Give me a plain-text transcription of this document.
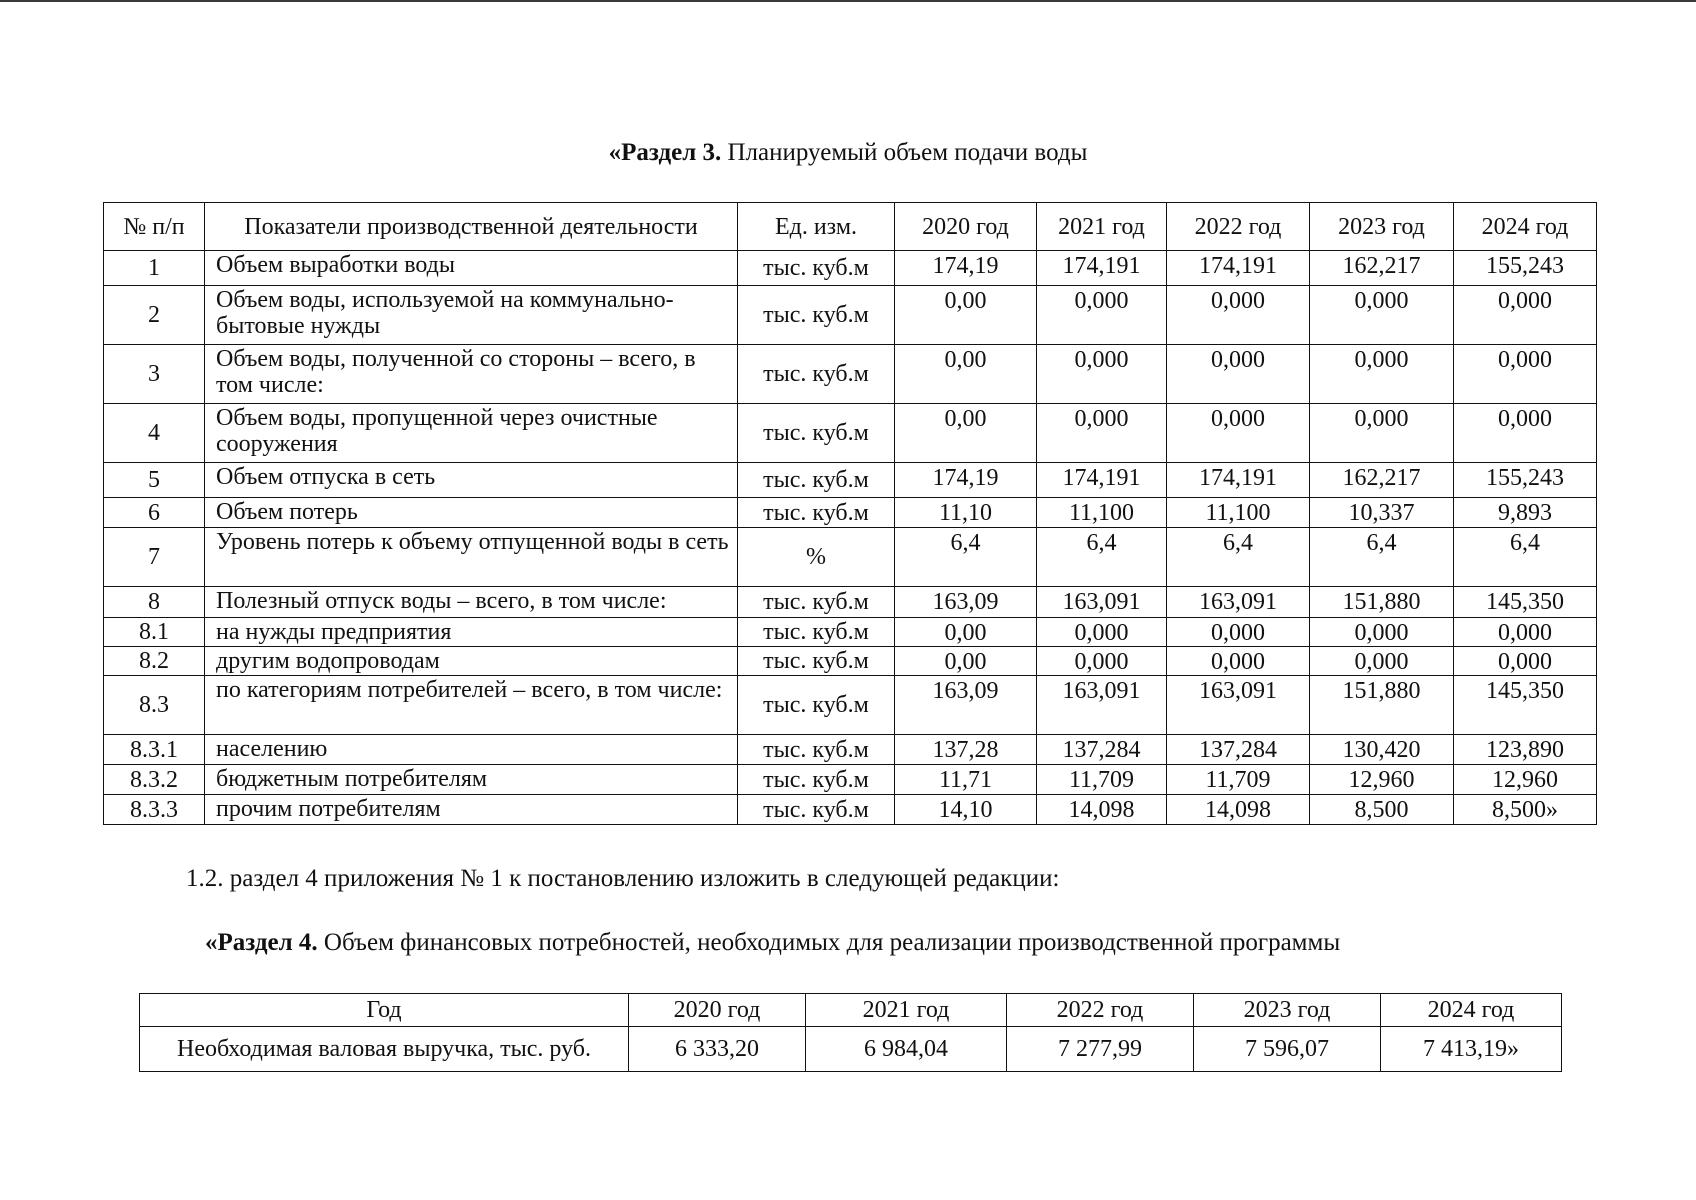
«Раздел 3. Планируемый объем подачи воды
№ п/п	Показатели производственной деятельности	Ед. изм.	2020 год	2021 год	2022 год	2023 год	2024 год
1	Объем выработки воды	тыс. куб.м	174,19	174,191	174,191	162,217	155,243
2	Объем воды, используемой на коммунально-бытовые нужды	тыс. куб.м	0,00	0,000	0,000	0,000	0,000
3	Объем воды, полученной со стороны – всего, в том числе:	тыс. куб.м	0,00	0,000	0,000	0,000	0,000
4	Объем воды, пропущенной через очистные сооружения	тыс. куб.м	0,00	0,000	0,000	0,000	0,000
5	Объем отпуска в сеть	тыс. куб.м	174,19	174,191	174,191	162,217	155,243
6	Объем потерь	тыс. куб.м	11,10	11,100	11,100	10,337	9,893
7	Уровень потерь к объему отпущенной воды в сеть	%	6,4	6,4	6,4	6,4	6,4
8	Полезный отпуск воды – всего, в том числе:	тыс. куб.м	163,09	163,091	163,091	151,880	145,350
8.1	на нужды предприятия	тыс. куб.м	0,00	0,000	0,000	0,000	0,000
8.2	другим водопроводам	тыс. куб.м	0,00	0,000	0,000	0,000	0,000
8.3	по категориям потребителей – всего, в том числе:	тыс. куб.м	163,09	163,091	163,091	151,880	145,350
8.3.1	населению	тыс. куб.м	137,28	137,284	137,284	130,420	123,890
8.3.2	бюджетным потребителям	тыс. куб.м	11,71	11,709	11,709	12,960	12,960
8.3.3	прочим потребителям	тыс. куб.м	14,10	14,098	14,098	8,500	8,500»
1.2. раздел 4 приложения № 1 к постановлению изложить в следующей редакции:
«Раздел 4. Объем финансовых потребностей, необходимых для реализации производственной программы
Год	2020 год	2021 год	2022 год	2023 год	2024 год
Необходимая валовая выручка, тыс. руб.	6 333,20	6 984,04	7 277,99	7 596,07	7 413,19»
